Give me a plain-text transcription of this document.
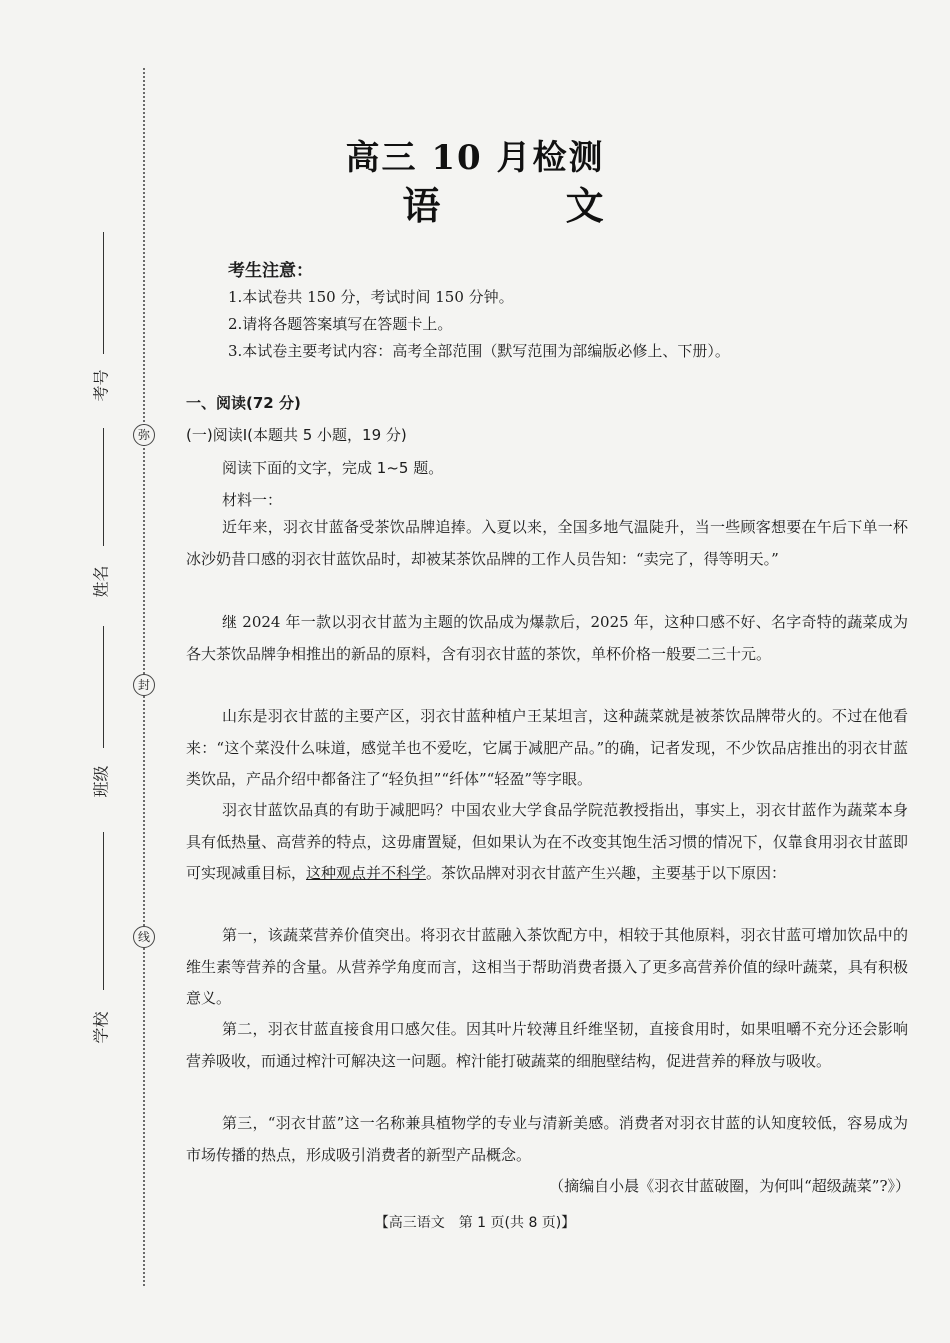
弥
封
线
考号
姓名
班级
学校
高三 10 月检测
语 文
考生注意：
1.本试卷共 150 分，考试时间 150 分钟。
2.请将各题答案填写在答题卡上。
3.本试卷主要考试内容：高考全部范围（默写范围为部编版必修上、下册）。
一、阅读(72 分)
(一)阅读Ⅰ(本题共 5 小题，19 分)
阅读下面的文字，完成 1~5 题。
材料一：

近年来，羽衣甘蓝备受茶饮品牌追捧。入夏以来，全国多地气温陡升，当一些顾客想要在午后下单一杯冰沙奶昔口感的羽衣甘蓝饮品时，却被某茶饮品牌的工作人员告知：“卖完了，得等明天。”

继 2024 年一款以羽衣甘蓝为主题的饮品成为爆款后，2025 年，这种口感不好、名字奇特的蔬菜成为各大茶饮品牌争相推出的新品的原料，含有羽衣甘蓝的茶饮，单杯价格一般要二三十元。

山东是羽衣甘蓝的主要产区，羽衣甘蓝种植户王某坦言，这种蔬菜就是被茶饮品牌带火的。不过在他看来：“这个菜没什么味道，感觉羊也不爱吃，它属于减肥产品。”的确，记者发现，不少饮品店推出的羽衣甘蓝类饮品，产品介绍中都备注了“轻负担”“纤体”“轻盈”等字眼。

羽衣甘蓝饮品真的有助于减肥吗？中国农业大学食品学院范教授指出，事实上，羽衣甘蓝作为蔬菜本身具有低热量、高营养的特点，这毋庸置疑，但如果认为在不改变其饱生活习惯的情况下，仅靠食用羽衣甘蓝即可实现减重目标，这种观点并不科学。茶饮品牌对羽衣甘蓝产生兴趣，主要基于以下原因：

第一，该蔬菜营养价值突出。将羽衣甘蓝融入茶饮配方中，相较于其他原料，羽衣甘蓝可增加饮品中的维生素等营养的含量。从营养学角度而言，这相当于帮助消费者摄入了更多高营养价值的绿叶蔬菜，具有积极意义。

第二，羽衣甘蓝直接食用口感欠佳。因其叶片较薄且纤维坚韧，直接食用时，如果咀嚼不充分还会影响营养吸收，而通过榨汁可解决这一问题。榨汁能打破蔬菜的细胞壁结构，促进营养的释放与吸收。

第三，“羽衣甘蓝”这一名称兼具植物学的专业与清新美感。消费者对羽衣甘蓝的认知度较低，容易成为市场传播的热点，形成吸引消费者的新型产品概念。

（摘编自小晨《羽衣甘蓝破圈，为何叫“超级蔬菜”?》）
【高三语文　第 1 页(共 8 页)】
